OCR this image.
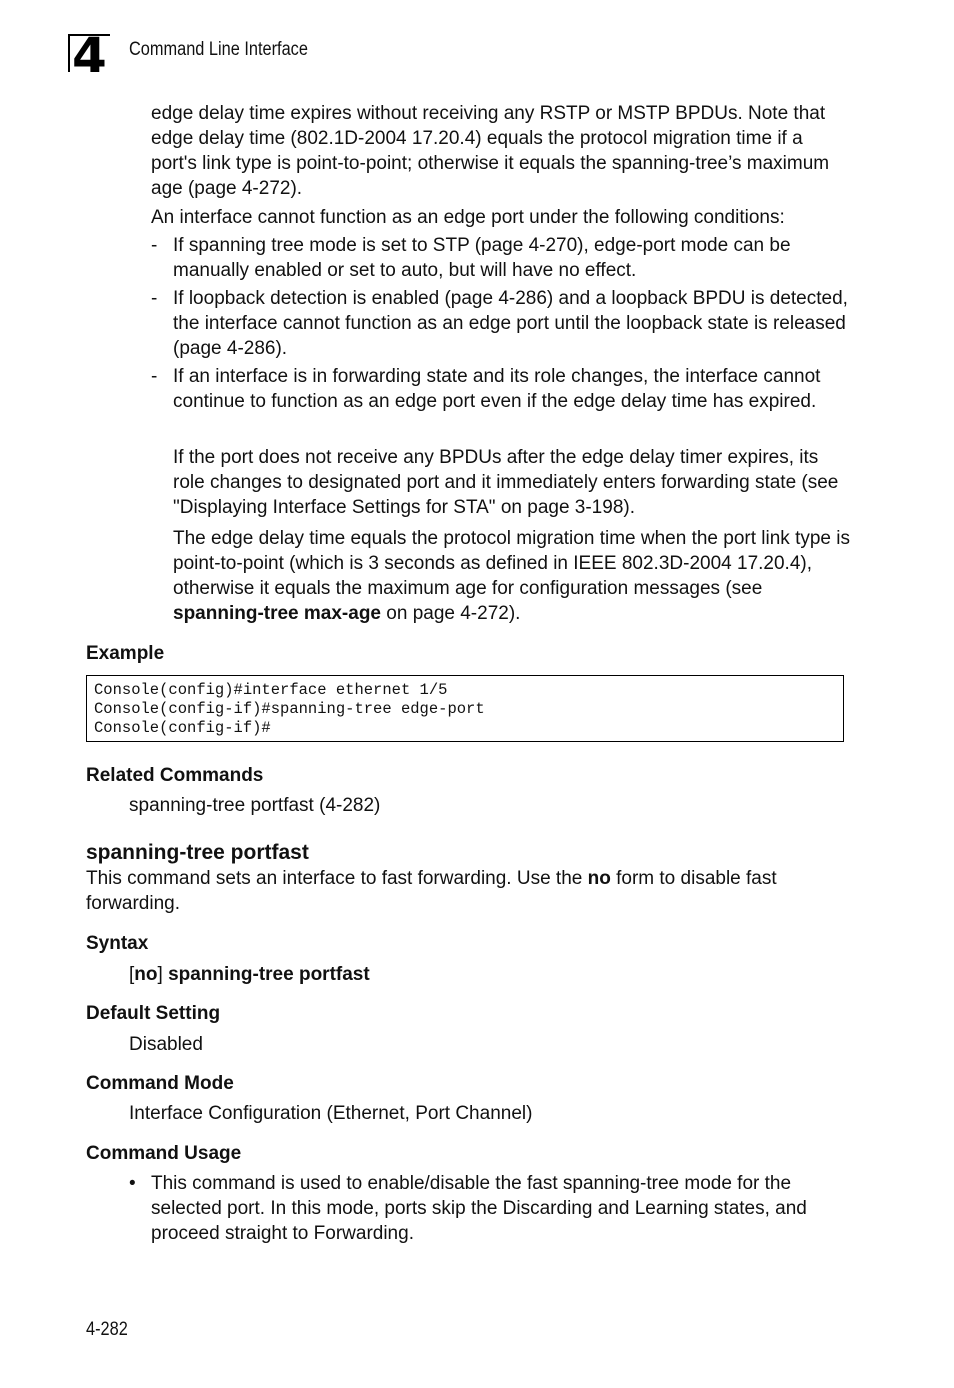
4 Command Line Interface

edge delay time expires without receiving any RSTP or MSTP BPDUs. Note that edge delay time (802.1D-2004 17.20.4) equals the protocol migration time if a port's link type is point-to-point; otherwise it equals the spanning-tree’s maximum age (page 4-272).

An interface cannot function as an edge port under the following conditions:

- If spanning tree mode is set to STP (page 4-270), edge-port mode can be manually enabled or set to auto, but will have no effect.

- If loopback detection is enabled (page 4-286) and a loopback BPDU is detected, the interface cannot function as an edge port until the loopback state is released (page 4-286).

- If an interface is in forwarding state and its role changes, the interface cannot continue to function as an edge port even if the edge delay time has expired.

If the port does not receive any BPDUs after the edge delay timer expires, its role changes to designated port and it immediately enters forwarding state (see "Displaying Interface Settings for STA" on page 3-198).

The edge delay time equals the protocol migration time when the port link type is point-to-point (which is 3 seconds as defined in IEEE 802.3D-2004 17.20.4), otherwise it equals the maximum age for configuration messages (see spanning-tree max-age on page 4-272).

Example
Console(config)#interface ethernet 1/5
Console(config-if)#spanning-tree edge-port
Console(config-if)#
Related Commands
spanning-tree portfast (4-282)
spanning-tree portfast

This command sets an interface to fast forwarding. Use the no form to disable fast forwarding.

Syntax
[no] spanning-tree portfast
Default Setting
Disabled
Command Mode
Interface Configuration (Ethernet, Port Channel)
Command Usage
• This command is used to enable/disable the fast spanning-tree mode for the selected port. In this mode, ports skip the Discarding and Learning states, and proceed straight to Forwarding.

4-282
